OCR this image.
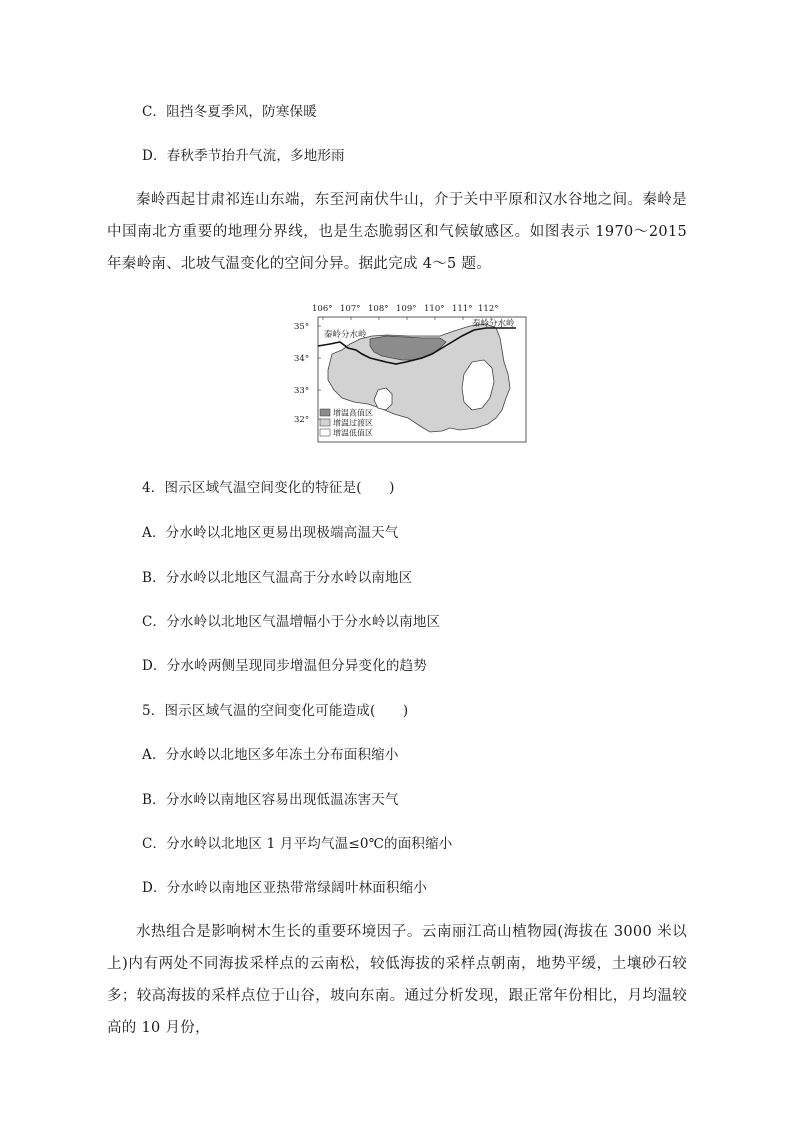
C．阻挡冬夏季风，防寒保暖
D．春秋季节抬升气流，多地形雨

秦岭西起甘肃祁连山东端，东至河南伏牛山，介于关中平原和汉水谷地之间。秦岭是中国南北方重要的地理分界线，也是生态脆弱区和气候敏感区。如图表示 1970～2015 年秦岭南、北坡气温变化的空间分异。据此完成 4～5 题。

106° 107° 108° 109° 110° 111° 112°
35°
34°
33°
32°
秦岭分水岭
秦岭分水岭
增温高值区
增温过渡区
增温低值区
4．图示区域气温空间变化的特征是(　　)
A．分水岭以北地区更易出现极端高温天气
B．分水岭以北地区气温高于分水岭以南地区
C．分水岭以北地区气温增幅小于分水岭以南地区
D．分水岭两侧呈现同步增温但分异变化的趋势
5．图示区域气温的空间变化可能造成(　　)
A．分水岭以北地区多年冻土分布面积缩小
B．分水岭以南地区容易出现低温冻害天气
C．分水岭以北地区 1 月平均气温≤0℃的面积缩小
D．分水岭以南地区亚热带常绿阔叶林面积缩小

水热组合是影响树木生长的重要环境因子。云南丽江高山植物园(海拔在 3000 米以上)内有两处不同海拔采样点的云南松，较低海拔的采样点朝南，地势平缓，土壤砂石较多；较高海拔的采样点位于山谷，坡向东南。通过分析发现，跟正常年份相比，月均温较高的 10 月份，
